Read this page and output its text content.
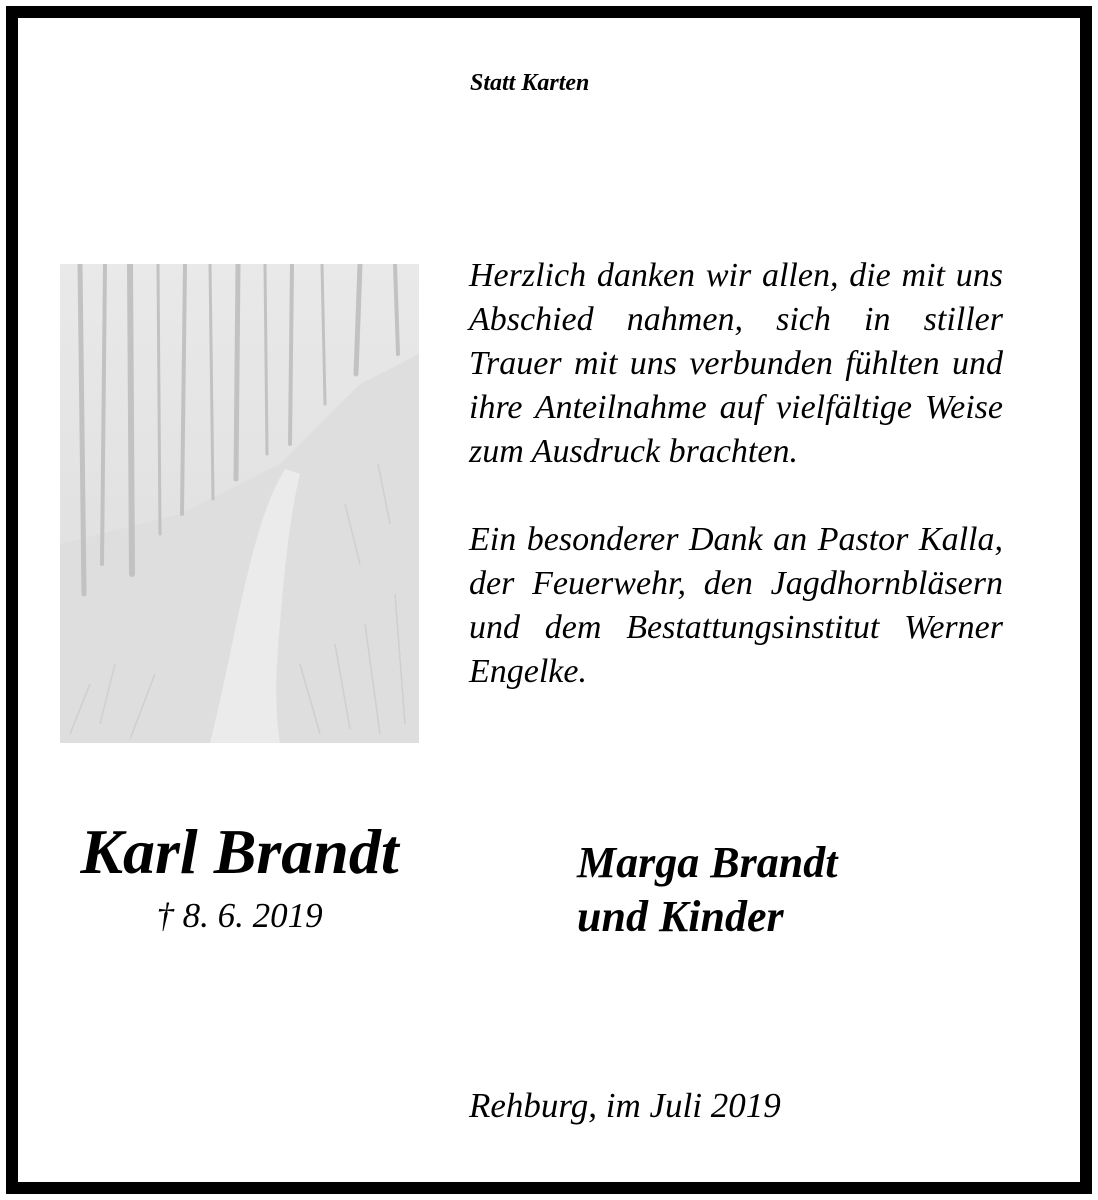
Statt Karten

Herzlich danken wir allen, die mit uns Abschied nahmen, sich in stiller Trauer mit uns verbunden fühlten und ihre Anteilnahme auf vielfältige Weise zum Ausdruck brachten.

Ein besonderer Dank an Pastor Kalla, der Feuerwehr, den Jagdhornbläsern und dem Bestattungsinstitut Werner Engelke.

Karl Brandt
† 8. 6. 2019
Marga Brandt
und Kinder
Rehburg, im Juli 2019
